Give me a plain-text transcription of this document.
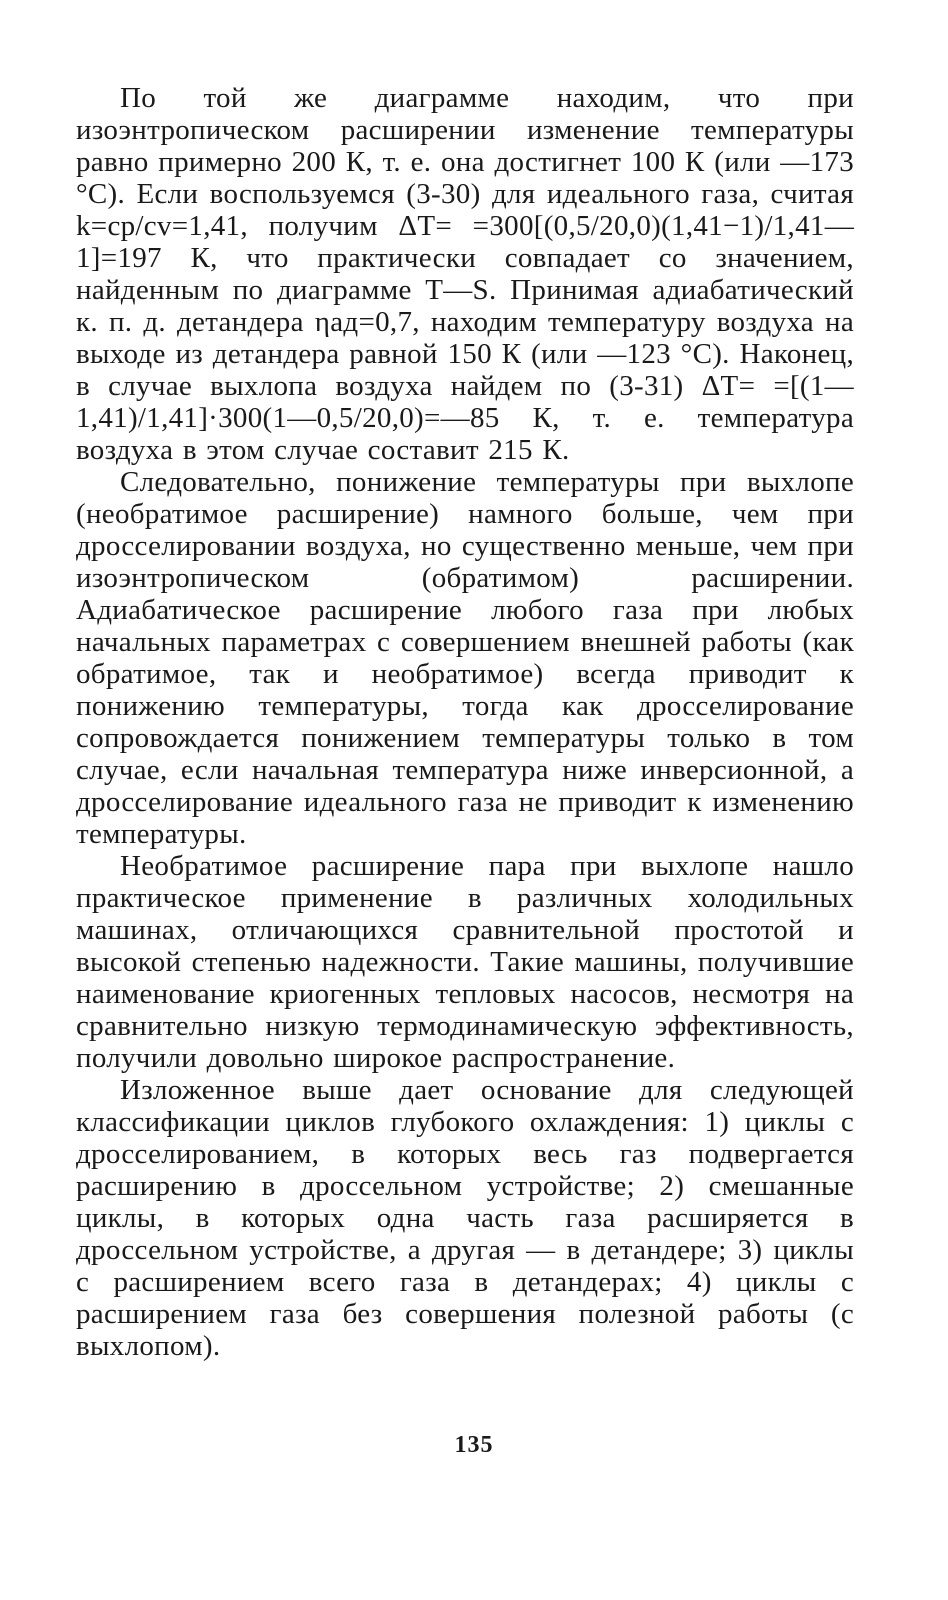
По той же диаграмме находим, что при изоэнтропическом расширении изменение температуры равно примерно 200 К, т. е. она достигнет 100 К (или —173 °С). Если воспользуемся (3-30) для идеального газа, считая k=cp/cv=1,41, получим ΔT= =300[(0,5/20,0)(1,41−1)/1,41—1]=197 К, что практически совпадает со значением, найденным по диаграмме T—S. Принимая адиабатический к. п. д. детандера ηад=0,7, находим температуру воздуха на выходе из детандера равной 150 К (или —123 °С). Наконец, в случае выхлопа воздуха найдем по (3-31) ΔT= =[(1—1,41)/1,41]·300(1—0,5/20,0)=—85 К, т. е. температура воздуха в этом случае составит 215 К.

Следовательно, понижение температуры при выхлопе (необратимое расширение) намного больше, чем при дросселировании воздуха, но существенно меньше, чем при изоэнтропическом (обратимом) расширении. Адиабатическое расширение любого газа при любых начальных параметрах с совершением внешней работы (как обратимое, так и необратимое) всегда приводит к понижению температуры, тогда как дросселирование сопровождается понижением температуры только в том случае, если начальная температура ниже инверсионной, а дросселирование идеального газа не приводит к изменению температуры.

Необратимое расширение пара при выхлопе нашло практическое применение в различных холодильных машинах, отличающихся сравнительной простотой и высокой степенью надежности. Такие машины, получившие наименование криогенных тепловых насосов, несмотря на сравнительно низкую термодинамическую эффективность, получили довольно широкое распространение.

Изложенное выше дает основание для следующей классификации циклов глубокого охлаждения: 1) циклы с дросселированием, в которых весь газ подвергается расширению в дроссельном устройстве; 2) смешанные циклы, в которых одна часть газа расширяется в дроссельном устройстве, а другая — в детандере; 3) циклы с расширением всего газа в детандерах; 4) циклы с расширением газа без совершения полезной работы (с выхлопом).

135
